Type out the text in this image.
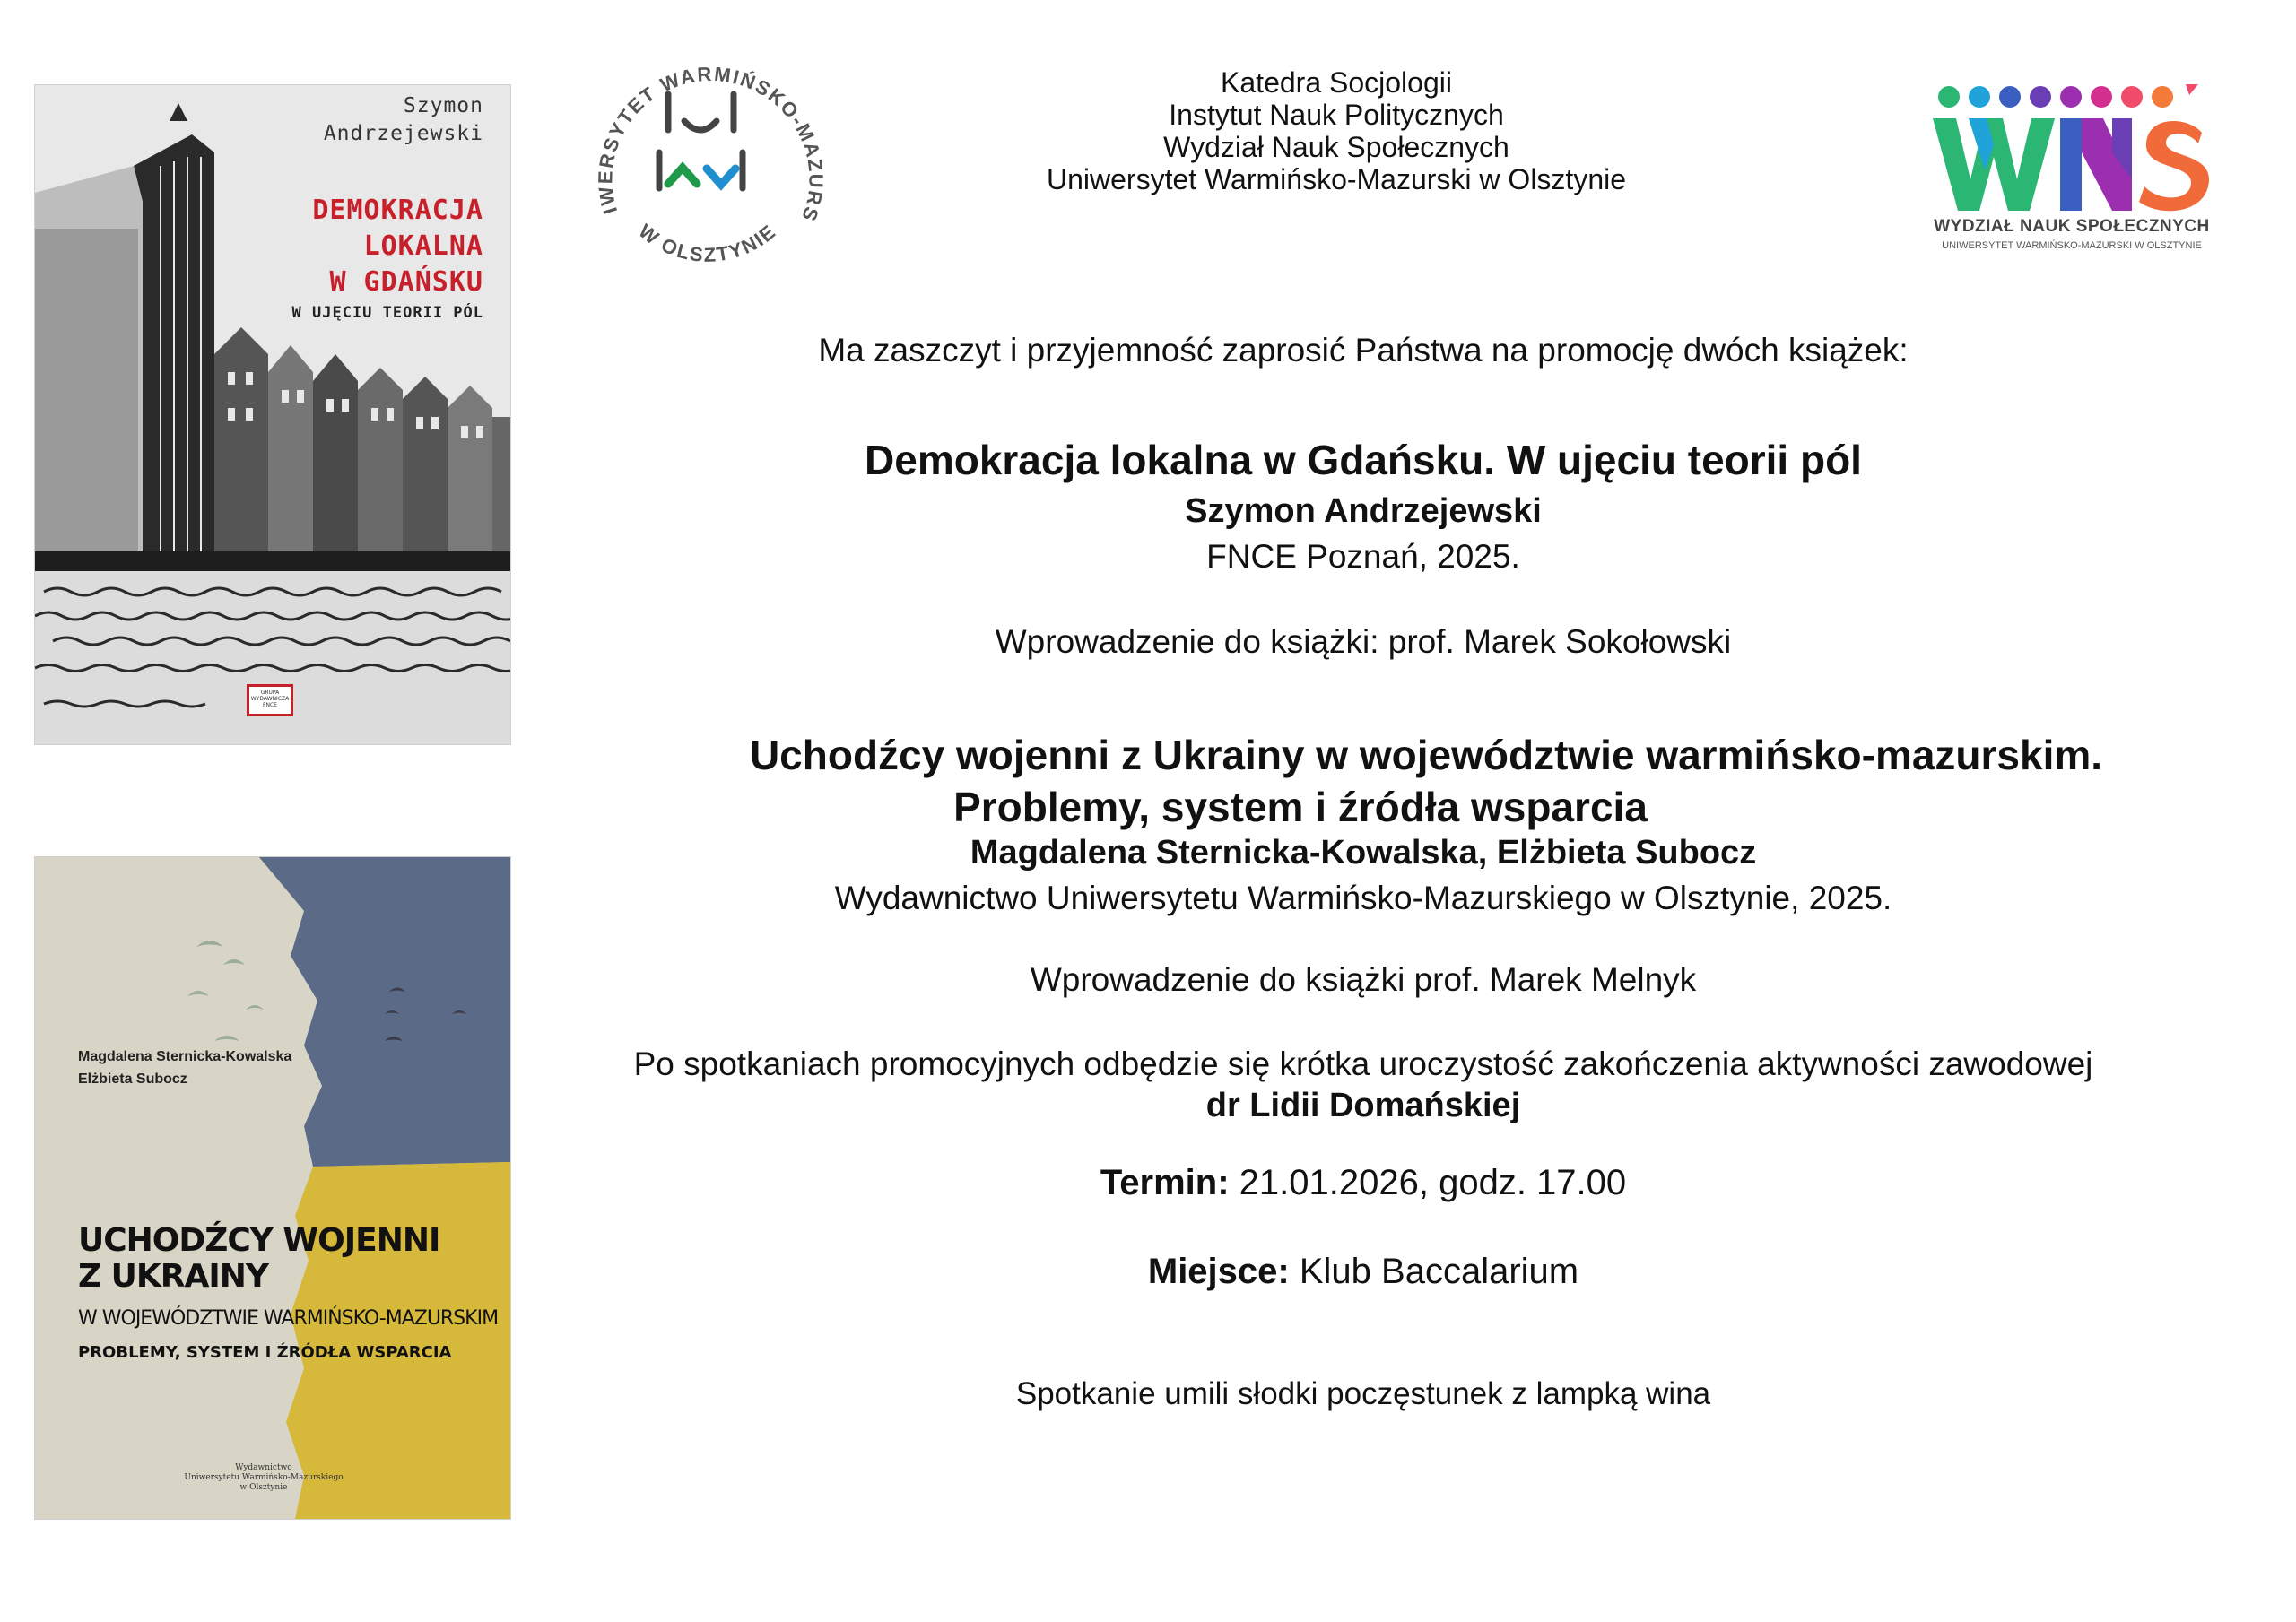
Szymon
Andrzejewski
DEMOKRACJA
LOKALNA
W GDAŃSKU
W UJĘCIU TEORII PÓL
GRUPA
WYDAWNICZA
FNCE
Magdalena Sternicka-Kowalska
Elżbieta Subocz
UCHODŹCY WOJENNI
Z UKRAINY
W WOJEWÓDZTWIE WARMIŃSKO-MAZURSKIM
PROBLEMY, SYSTEM I ŹRÓDŁA WSPARCIA
Wydawnictwo
Uniwersytetu Warmińsko-Mazurskiego
w Olsztynie
IWERSYTET WARMIŃSKO-MAZURS
W OLSZTYNIE
Katedra Socjologii
Instytut Nauk Politycznych
Wydział Nauk Społecznych
Uniwersytet Warmińsko-Mazurski w Olsztynie
WYDZIAŁ NAUK SPOŁECZNYCH
UNIWERSYTET WARMIŃSKO-MAZURSKI W OLSZTYNIE
Ma zaszczyt i przyjemność zaprosić Państwa na promocję dwóch książek:
Demokracja lokalna w Gdańsku. W ujęciu teorii pól
Szymon Andrzejewski
FNCE Poznań, 2025.
Wprowadzenie do książki: prof. Marek Sokołowski
Uchodźcy wojenni z Ukrainy w województwie warmińsko-mazurskim.
Problemy, system i źródła wsparcia
Magdalena Sternicka-Kowalska, Elżbieta Subocz
Wydawnictwo Uniwersytetu Warmińsko-Mazurskiego w Olsztynie, 2025.
Wprowadzenie do książki prof. Marek Melnyk
Po spotkaniach promocyjnych odbędzie się krótka uroczystość zakończenia aktywności zawodowej
dr Lidii Domańskiej
Termin: 21.01.2026, godz. 17.00
Miejsce: Klub Baccalarium
Spotkanie umili słodki poczęstunek z lampką wina
